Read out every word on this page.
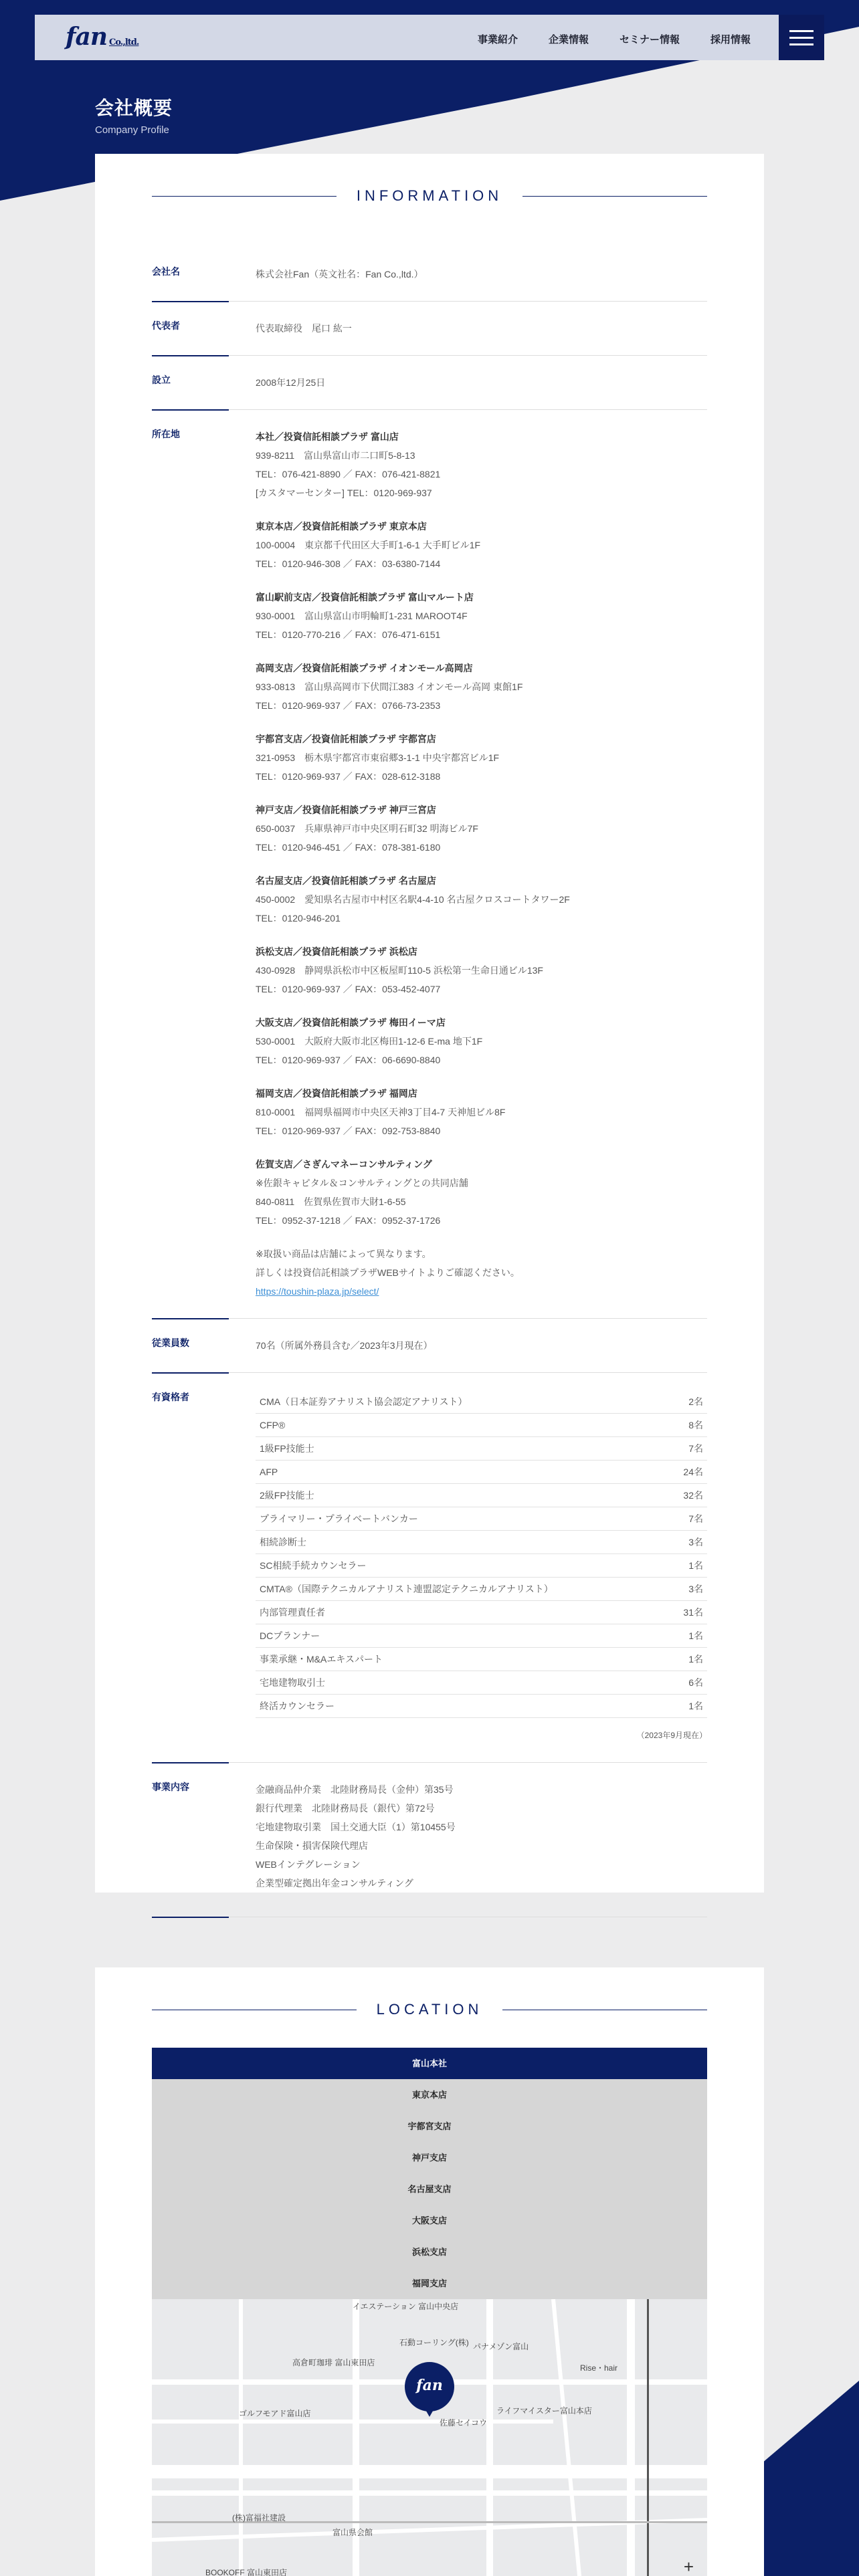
fan Co.,ltd.	事業紹介	企業情報	セミナー情報	採用情報
会社概要

Company Profile

INFORMATION
会社名	株式会社Fan（英文社名：Fan Co.,ltd.）
代表者	代表取締役　尾口 紘一
設立	2008年12月25日
所在地	本社／投資信託相談プラザ 富山店
939-8211　富山県富山市二口町5-8-13
TEL：076-421-8890 ／ FAX：076-421-8821
[カスタマーセンター] TEL：0120-969-937
東京本店／投資信託相談プラザ 東京本店
100-0004　東京都千代田区大手町1-6-1 大手町ビル1F
TEL：0120-946-308 ／ FAX：03-6380-7144
富山駅前支店／投資信託相談プラザ 富山マルート店
930-0001　富山県富山市明輪町1-231 MAROOT4F
TEL：0120-770-216 ／ FAX：076-471-6151
高岡支店／投資信託相談プラザ イオンモール高岡店
933-0813　富山県高岡市下伏間江383 イオンモール高岡 東館1F
TEL：0120-969-937 ／ FAX：0766-73-2353
宇都宮支店／投資信託相談プラザ 宇都宮店
321-0953　栃木県宇都宮市東宿郷3-1-1 中央宇都宮ビル1F
TEL：0120-969-937 ／ FAX：028-612-3188
神戸支店／投資信託相談プラザ 神戸三宮店
650-0037　兵庫県神戸市中央区明石町32 明海ビル7F
TEL：0120-946-451 ／ FAX：078-381-6180
名古屋支店／投資信託相談プラザ 名古屋店
450-0002　愛知県名古屋市中村区名駅4-4-10 名古屋クロスコートタワー2F
TEL：0120-946-201
浜松支店／投資信託相談プラザ 浜松店
430-0928　静岡県浜松市中区板屋町110-5 浜松第一生命日通ビル13F
TEL：0120-969-937 ／ FAX：053-452-4077
大阪支店／投資信託相談プラザ 梅田イーマ店
530-0001　大阪府大阪市北区梅田1-12-6 E-ma 地下1F
TEL：0120-969-937 ／ FAX：06-6690-8840
福岡支店／投資信託相談プラザ 福岡店
810-0001　福岡県福岡市中央区天神3丁目4-7 天神旭ビル8F
TEL：0120-969-937 ／ FAX：092-753-8840
佐賀支店／さぎんマネーコンサルティング
※佐銀キャピタル＆コンサルティングとの共同店舗
840-0811　佐賀県佐賀市大財1-6-55
TEL：0952-37-1218 ／ FAX：0952-37-1726
※取扱い商品は店舗によって異なります。
詳しくは投資信託相談プラザWEBサイトよりご確認ください。
https://toushin-plaza.jp/select/
従業員数	70名（所属外務員含む／2023年3月現在）
有資格者	CMA（日本証券アナリスト協会認定アナリスト）	2名
CFP®	8名
1級FP技能士	7名
AFP	24名
2級FP技能士	32名
プライマリー・プライベートバンカー	7名
相続診断士	3名
SC相続手続カウンセラー	1名
CMTA®（国際テクニカルアナリスト連盟認定テクニカルアナリスト）	3名
内部管理責任者	31名
DCプランナー	1名
事業承継・M&Aエキスパート	1名
宅地建物取引士	6名
終活カウンセラー	1名
（2023年9月現在）
事業内容	金融商品仲介業　北陸財務局長（金仲）第35号
銀行代理業　北陸財務局長（銀代）第72号
宅地建物取引業　国土交通大臣（1）第10455号
生命保険・損害保険代理店
WEBインテグレーション
企業型確定拠出年金コンサルティング
LOCATION
富山本社
東京本店
宇都宮支店
神戸支店
名古屋支店
大阪支店
浜松支店
福岡支店
イエステーション 富山中央店
石動コーリング(株)
高倉町珈琲 富山東田店
パナメゾン富山
Rise・hair
ゴルフモアド富山店	ライフマイスター富山本店
佐藤セイコウ
(株)富福社建設
富山県会館
BOOKOFF 富山東田店
fan
+
